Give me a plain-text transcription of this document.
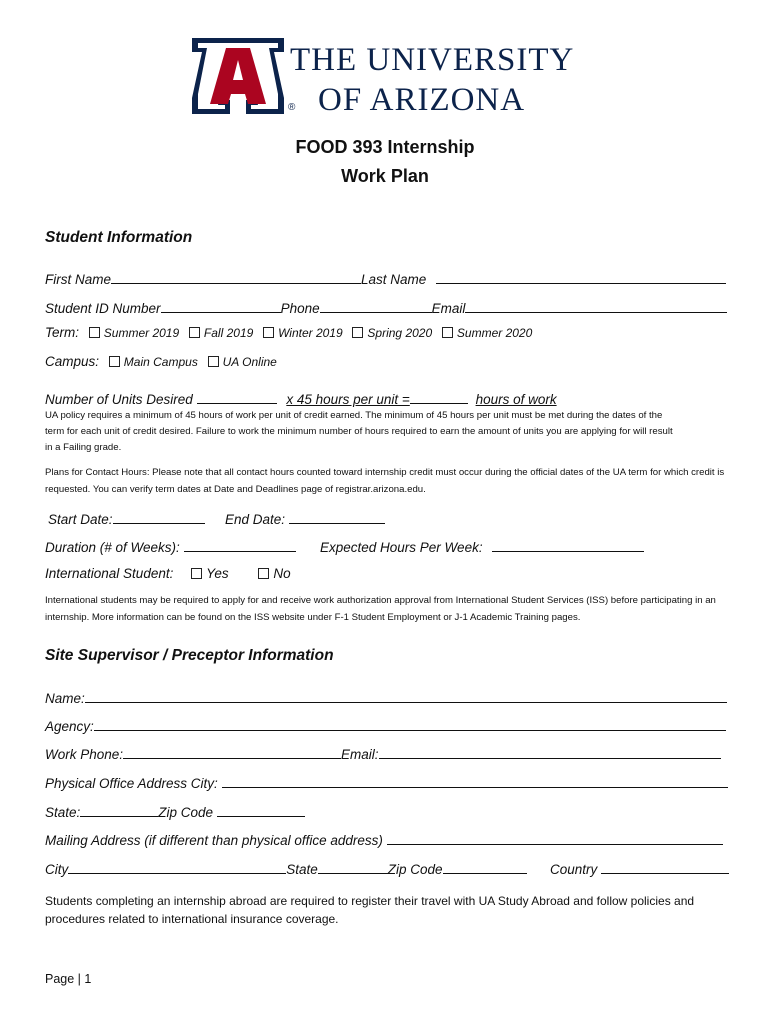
®
THE UNIVERSITY
OF ARIZONA
FOOD 393 Internship
Work Plan
Student Information
First Name	Last Name
Student ID Number	Phone	Email
Term: Summer 2019 Fall 2019 Winter 2019 Spring 2020 Summer 2020
Campus: Main Campus UA Online
Number of Units Desired	x 45 hours per unit =	hours of work
UA policy requires a minimum of 45 hours of work per unit of credit earned. The minimum of 45 hours per unit must be met during the dates of the term for each unit of credit desired. Failure to work the minimum number of hours required to earn the amount of units you are applying for will result in a Failing grade.
Plans for Contact Hours: Please note that all contact hours counted toward internship credit must occur during the official dates of the UA term for which credit is requested. You can verify term dates at Date and Deadlines page of registrar.arizona.edu.
Start Date:	End Date:
Duration (# of Weeks):	Expected Hours Per Week:
International Student: Yes	No
International students may be required to apply for and receive work authorization approval from International Student Services (ISS) before participating in an internship. More information can be found on the ISS website under F-1 Student Employment or J-1 Academic Training pages.
Site Supervisor / Preceptor Information
Name:
Agency:
Work Phone:	Email:
Physical Office Address City:
State:	Zip Code
Mailing Address (if different than physical office address)
City	State	Zip Code	Country
Students completing an internship abroad are required to register their travel with UA Study Abroad and follow policies and procedures related to international insurance coverage.
Page | 1
